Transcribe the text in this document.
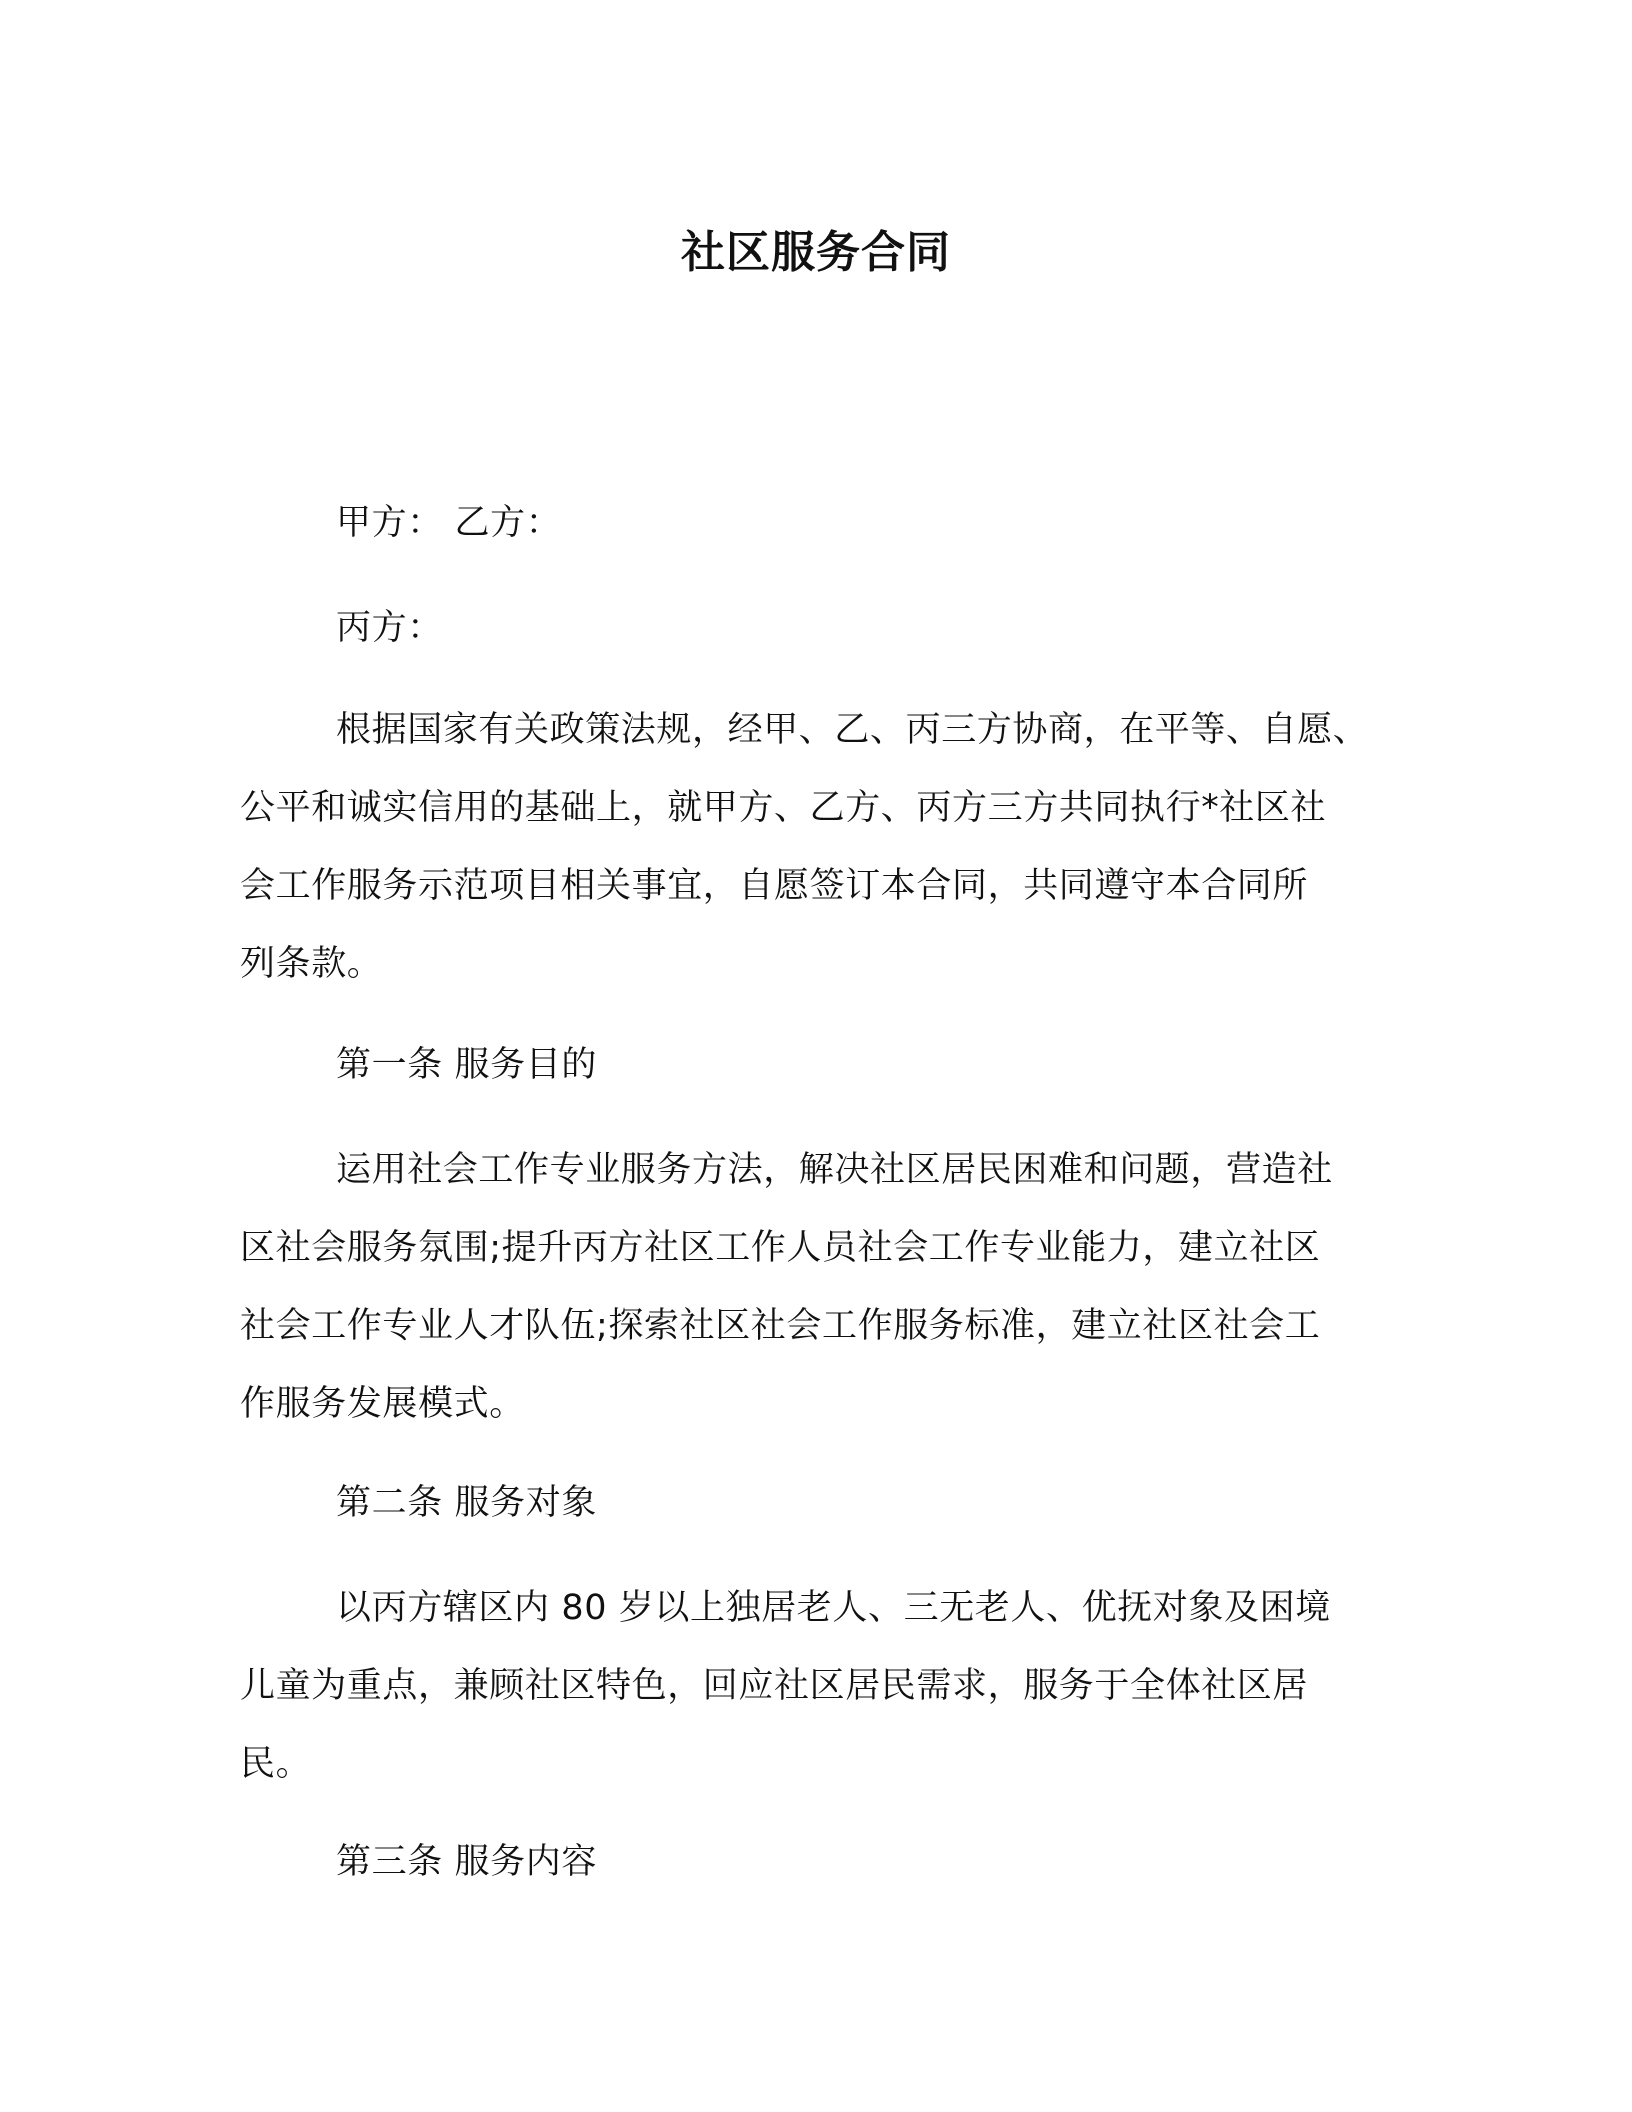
社区服务合同

甲方： 乙方：

丙方：

根据国家有关政策法规，经甲、乙、丙三方协商，在平等、自愿、
公平和诚实信用的基础上，就甲方、乙方、丙方三方共同执行*社区社
会工作服务示范项目相关事宜，自愿签订本合同，共同遵守本合同所
列条款。

第一条 服务目的

运用社会工作专业服务方法，解决社区居民困难和问题，营造社
区社会服务氛围;提升丙方社区工作人员社会工作专业能力，建立社区
社会工作专业人才队伍;探索社区社会工作服务标准，建立社区社会工
作服务发展模式。

第二条 服务对象

以丙方辖区内 80 岁以上独居老人、三无老人、优抚对象及困境
儿童为重点，兼顾社区特色，回应社区居民需求，服务于全体社区居
民。

第三条 服务内容
